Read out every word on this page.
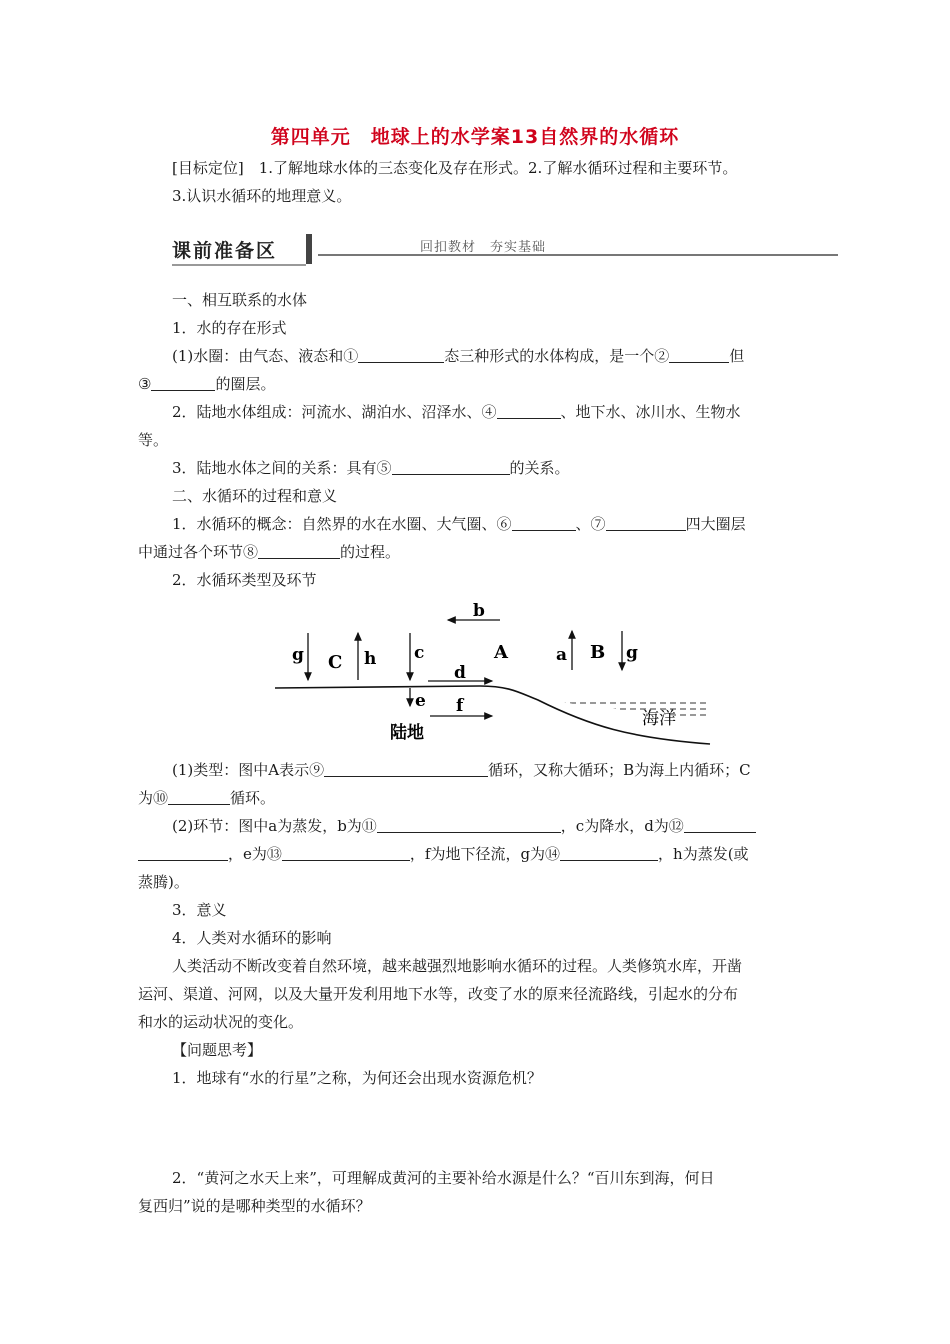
第四单元　地球上的水学案13自然界的水循环
[目标定位]　1.了解地球水体的三态变化及存在形式。2.了解水循环过程和主要环节。
3.认识水循环的地理意义。
课前准备区	回扣教材　夯实基础
一、相互联系的水体
1．水的存在形式
(1)水圈：由气态、液态和①	态三种形式的水体构成，是一个②	但
③	的圈层。
2．陆地水体组成：河流水、湖泊水、沼泽水、④	、地下水、冰川水、生物水
等。
3．陆地水体之间的关系：具有⑤	的关系。
二、水循环的过程和意义
1．水循环的概念：自然界的水在水圈、大气圈、⑥	、⑦	四大圈层
中通过各个环节⑧	的过程。
2．水循环类型及环节
b
g C h c	A
d
e f
a B g
陆地
海洋
(1)类型：图中A表示⑨	循环，又称大循环；B为海上内循环；C
为⑩	循环。
(2)环节：图中a为蒸发，b为⑪	，c为降水，d为⑫
，e为⑬	，f为地下径流，g为⑭	，h为蒸发(或
蒸腾)。
3．意义
4．人类对水循环的影响
人类活动不断改变着自然环境，越来越强烈地影响水循环的过程。人类修筑水库，开凿
运河、渠道、河网，以及大量开发利用地下水等，改变了水的原来径流路线，引起水的分布
和水的运动状况的变化。
【问题思考】
1．地球有“水的行星”之称，为何还会出现水资源危机？
2．“黄河之水天上来”，可理解成黄河的主要补给水源是什么？“百川东到海，何日
复西归”说的是哪种类型的水循环？
